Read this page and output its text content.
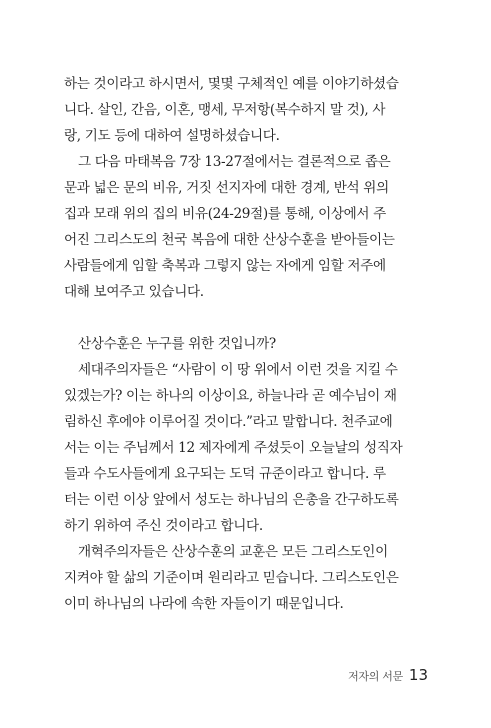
하는 것이라고 하시면서, 몇몇 구체적인 예를 이야기하셨습
니다. 살인, 간음, 이혼, 맹세, 무저항(복수하지 말 것), 사
랑, 기도 등에 대하여 설명하셨습니다.
그 다음 마태복음 7장 13-27절에서는 결론적으로 좁은
문과 넓은 문의 비유, 거짓 선지자에 대한 경계, 반석 위의
집과 모래 위의 집의 비유(24-29절)를 통해, 이상에서 주
어진 그리스도의 천국 복음에 대한 산상수훈을 받아들이는
사람들에게 임할 축복과 그렇지 않는 자에게 임할 저주에
대해 보여주고 있습니다.
산상수훈은 누구를 위한 것입니까?
세대주의자들은 “사람이 이 땅 위에서 이런 것을 지킬 수
있겠는가? 이는 하나의 이상이요, 하늘나라 곧 예수님이 재
림하신 후에야 이루어질 것이다.”라고 말합니다. 천주교에
서는 이는 주님께서 12 제자에게 주셨듯이 오늘날의 성직자
들과 수도사들에게 요구되는 도덕 규준이라고 합니다. 루
터는 이런 이상 앞에서 성도는 하나님의 은총을 간구하도록
하기 위하여 주신 것이라고 합니다.
개혁주의자들은 산상수훈의 교훈은 모든 그리스도인이
지켜야 할 삶의 기준이며 원리라고 믿습니다. 그리스도인은
이미 하나님의 나라에 속한 자들이기 때문입니다.
저자의 서문 13
